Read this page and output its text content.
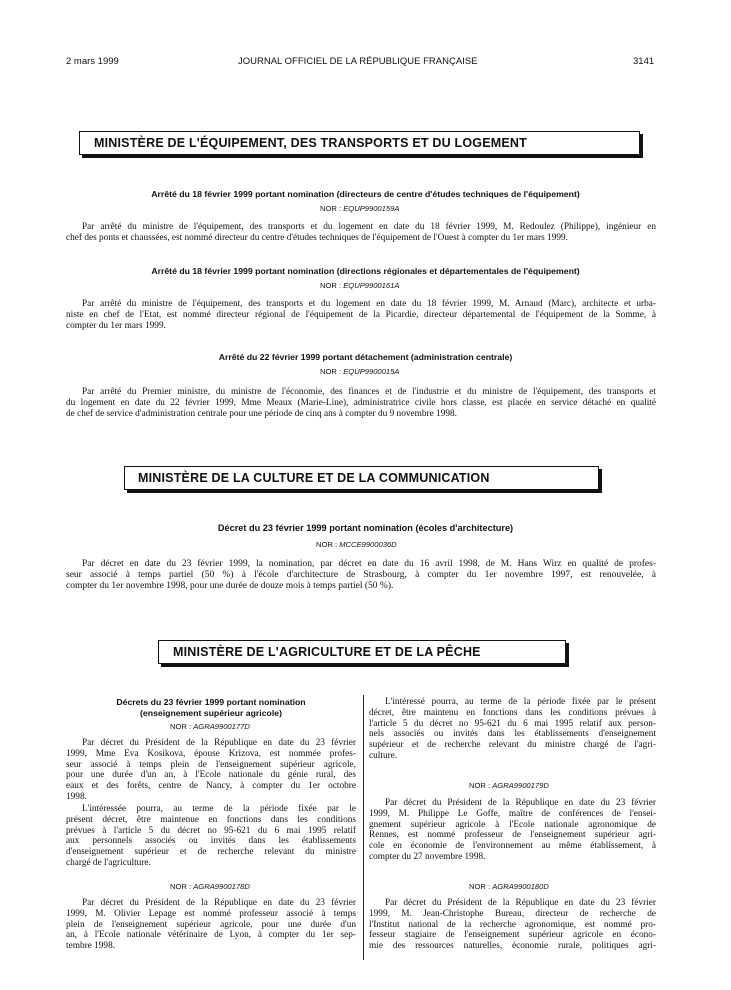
2 mars 1999	JOURNAL OFFICIEL DE LA RÉPUBLIQUE FRANÇAISE	3141
MINISTÈRE DE L'ÉQUIPEMENT, DES TRANSPORTS ET DU LOGEMENT
Arrêté du 18 février 1999 portant nomination (directeurs de centre d'études techniques de l'équipement)
NOR : EQUP9900159A
Par arrêté du ministre de l'équipement, des transports et du logement en date du 18 février 1999, M. Redoulez (Philippe), ingénieur en
chef des ponts et chaussées, est nommé directeur du centre d'études techniques de l'équipement de l'Ouest à compter du 1er mars 1999.
Arrêté du 18 février 1999 portant nomination (directions régionales et départementales de l'équipement)
NOR : EQUP9900161A
Par arrêté du ministre de l'équipement, des transports et du logement en date du 18 février 1999, M. Arnaud (Marc), architecte et urba-
niste en chef de l'Etat, est nommé directeur régional de l'équipement de la Picardie, directeur départemental de l'équipement de la Somme, à
compter du 1er mars 1999.
Arrêté du 22 février 1999 portant détachement (administration centrale)
NOR : EQUP9900015A
Par arrêté du Premier ministre, du ministre de l'économie, des finances et de l'industrie et du ministre de l'équipement, des transports et
du logement en date du 22 février 1999, Mme Meaux (Marie-Line), administratrice civile hors classe, est placée en service détaché en qualité
de chef de service d'administration centrale pour une période de cinq ans à compter du 9 novembre 1998.
MINISTÈRE DE LA CULTURE ET DE LA COMMUNICATION
Décret du 23 février 1999 portant nomination (écoles d'architecture)
NOR : MCCE9900036D
Par décret en date du 23 février 1999, la nomination, par décret en date du 16 avril 1998, de M. Hans Wirz en qualité de profes-
seur associé à temps partiel (50 %) à l'école d'architecture de Strasbourg, à compter du 1er novembre 1997, est renouvelée, à
compter du 1er novembre 1998, pour une durée de douze mois à temps partiel (50 %).
MINISTÈRE DE L'AGRICULTURE ET DE LA PÊCHE
Décrets du 23 février 1999 portant nomination
(enseignement supérieur agricole)
NOR : AGRA9900177D
Par décret du Président de la République en date du 23 février
1999, Mme Eva Kosikova, épouse Krizova, est nommée profes-
seur associé à temps plein de l'enseignement supérieur agricole,
pour une durée d'un an, à l'Ecole nationale du génie rural, des
eaux et des forêts, centre de Nancy, à compter du 1er octobre
1998.
L'intéressée pourra, au terme de la période fixée par le
présent décret, être maintenue en fonctions dans les conditions
prévues à l'article 5 du décret no 95-621 du 6 mai 1995 relatif
aux personnels associés ou invités dans les établissements
d'enseignement supérieur et de recherche relevant du ministre
chargé de l'agriculture.
NOR : AGRA9900178D
Par décret du Président de la République en date du 23 février
1999, M. Olivier Lepage est nommé professeur associé à temps
plein de l'enseignement supérieur agricole, pour une durée d'un
an, à l'Ecole nationale vétérinaire de Lyon, à compter du 1er sep-
tembre 1998.
L'intéressé pourra, au terme de la période fixée par le présent
décret, être maintenu en fonctions dans les conditions prévues à
l'article 5 du décret no 95-621 du 6 mai 1995 relatif aux person-
nels associés ou invités dans les établissements d'enseignement
supérieur et de recherche relevant du ministre chargé de l'agri-
culture.
NOR : AGRA9900179D
Par décret du Président de la République en date du 23 février
1999, M. Philippe Le Goffe, maître de conférences de l'ensei-
gnement supérieur agricole à l'Ecole nationale agronomique de
Rennes, est nommé professeur de l'enseignement supérieur agri-
cole en économie de l'environnement au même établissement, à
compter du 27 novembre 1998.
NOR : AGRA9900180D
Par décret du Président de la République en date du 23 février
1999, M. Jean-Christophe Bureau, directeur de recherche de
l'Institut national de la recherche agronomique, est nommé pro-
fesseur stagiaire de l'enseignement supérieur agricole en écono-
mie des ressources naturelles, économie rurale, politiques agri-
